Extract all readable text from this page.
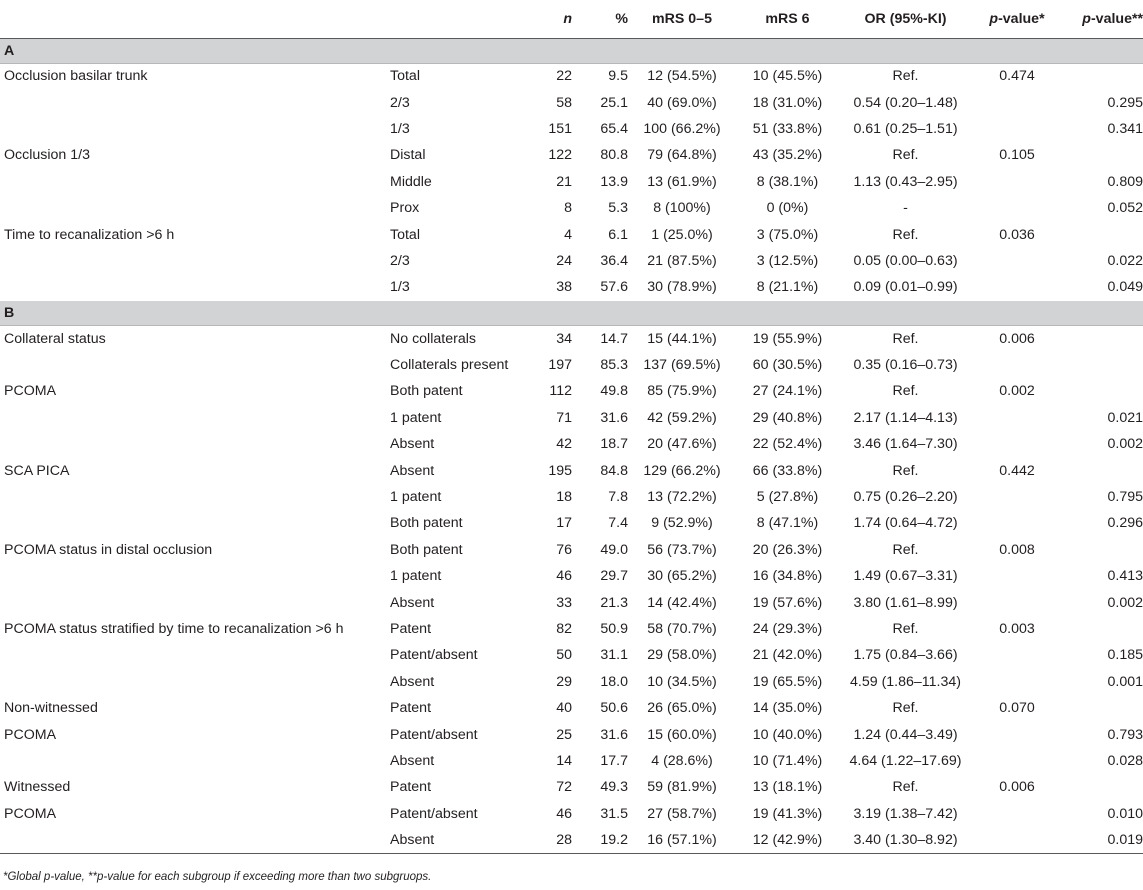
		n	%	mRS 0–5	mRS 6	OR (95%-KI)	p-value*	p-value**
A								
Occlusion basilar trunk	Total	22	9.5	12 (54.5%)	10 (45.5%)	Ref.	0.474	
	2/3	58	25.1	40 (69.0%)	18 (31.0%)	0.54 (0.20–1.48)		0.295
	1/3	151	65.4	100 (66.2%)	51 (33.8%)	0.61 (0.25–1.51)		0.341
Occlusion 1/3	Distal	122	80.8	79 (64.8%)	43 (35.2%)	Ref.	0.105	
	Middle	21	13.9	13 (61.9%)	8 (38.1%)	1.13 (0.43–2.95)		0.809
	Prox	8	5.3	8 (100%)	0 (0%)	-		0.052
Time to recanalization >6 h	Total	4	6.1	1 (25.0%)	3 (75.0%)	Ref.	0.036	
	2/3	24	36.4	21 (87.5%)	3 (12.5%)	0.05 (0.00–0.63)		0.022
	1/3	38	57.6	30 (78.9%)	8 (21.1%)	0.09 (0.01–0.99)		0.049
B								
Collateral status	No collaterals	34	14.7	15 (44.1%)	19 (55.9%)	Ref.	0.006	
	Collaterals present	197	85.3	137 (69.5%)	60 (30.5%)	0.35 (0.16–0.73)		
PCOMA	Both patent	112	49.8	85 (75.9%)	27 (24.1%)	Ref.	0.002	
	1 patent	71	31.6	42 (59.2%)	29 (40.8%)	2.17 (1.14–4.13)		0.021
	Absent	42	18.7	20 (47.6%)	22 (52.4%)	3.46 (1.64–7.30)		0.002
SCA PICA	Absent	195	84.8	129 (66.2%)	66 (33.8%)	Ref.	0.442	
	1 patent	18	7.8	13 (72.2%)	5 (27.8%)	0.75 (0.26–2.20)		0.795
	Both patent	17	7.4	9 (52.9%)	8 (47.1%)	1.74 (0.64–4.72)		0.296
PCOMA status in distal occlusion	Both patent	76	49.0	56 (73.7%)	20 (26.3%)	Ref.	0.008	
	1 patent	46	29.7	30 (65.2%)	16 (34.8%)	1.49 (0.67–3.31)		0.413
	Absent	33	21.3	14 (42.4%)	19 (57.6%)	3.80 (1.61–8.99)		0.002
PCOMA status stratified by time to recanalization >6 h	Patent	82	50.9	58 (70.7%)	24 (29.3%)	Ref.	0.003	
	Patent/absent	50	31.1	29 (58.0%)	21 (42.0%)	1.75 (0.84–3.66)		0.185
	Absent	29	18.0	10 (34.5%)	19 (65.5%)	4.59 (1.86–11.34)		0.001
Non-witnessed	Patent	40	50.6	26 (65.0%)	14 (35.0%)	Ref.	0.070	
PCOMA	Patent/absent	25	31.6	15 (60.0%)	10 (40.0%)	1.24 (0.44–3.49)		0.793
	Absent	14	17.7	4 (28.6%)	10 (71.4%)	4.64 (1.22–17.69)		0.028
Witnessed	Patent	72	49.3	59 (81.9%)	13 (18.1%)	Ref.	0.006	
PCOMA	Patent/absent	46	31.5	27 (58.7%)	19 (41.3%)	3.19 (1.38–7.42)		0.010
	Absent	28	19.2	16 (57.1%)	12 (42.9%)	3.40 (1.30–8.92)		0.019
*Global p-value, **p-value for each subgroup if exceeding more than two subgruops.
